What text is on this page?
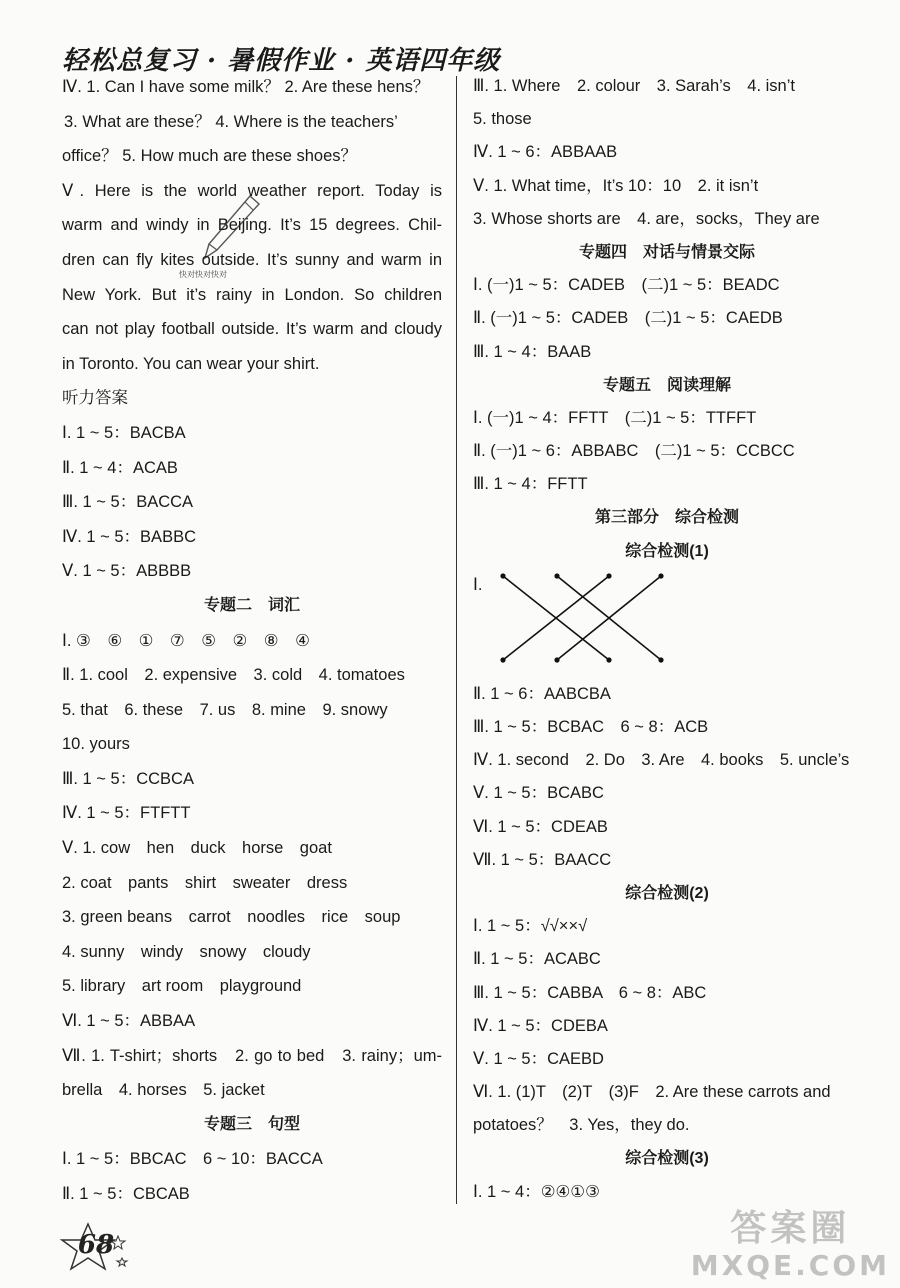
轻松总复习 · 暑假作业 · 英语四年级
快对快对快对
Ⅳ. 1. Can I have some milk？ 2. Are these hens？
3. What are these？ 4. Where is the teachers’
office？ 5. How much are these shoes？
Ⅴ. Here is the world weather report. Today is
warm and windy in Beijing. It’s 15 degrees. Chil-
dren can fly kites outside. It’s sunny and warm in
New York. But it’s rainy in London. So children
can not play football outside. It’s warm and cloudy
in Toronto. You can wear your shirt.
听力答案
Ⅰ. 1 ~ 5：BACBA
Ⅱ. 1 ~ 4：ACAB
Ⅲ. 1 ~ 5：BACCA
Ⅳ. 1 ~ 5：BABBC
Ⅴ. 1 ~ 5：ABBBB
专题二　词汇
Ⅰ. ③　⑥　①　⑦　⑤　②　⑧　④
Ⅱ. 1. cool　2. expensive　3. cold　4. tomatoes
5. that　6. these　7. us　8. mine　9. snowy
10. yours
Ⅲ. 1 ~ 5：CCBCA
Ⅳ. 1 ~ 5：FTFTT
Ⅴ. 1. cow　hen　duck　horse　goat
2. coat　pants　shirt　sweater　dress
3. green beans　carrot　noodles　rice　soup
4. sunny　windy　snowy　cloudy
5. library　art room　playground
Ⅵ. 1 ~ 5：ABBAA
Ⅶ. 1. T-shirt；shorts　2. go to bed　3. rainy；um-
brella　4. horses　5. jacket
专题三　句型
Ⅰ. 1 ~ 5：BBCAC　6 ~ 10：BACCA
Ⅱ. 1 ~ 5：CBCAB
Ⅲ. 1. Where　2. colour　3. Sarah’s　4. isn’t
5. those
Ⅳ. 1 ~ 6：ABBAAB
Ⅴ. 1. What time，It’s 10：10　2. it isn’t
3. Whose shorts are　4. are，socks，They are
专题四　对话与情景交际
Ⅰ. (一)1 ~ 5：CADEB　(二)1 ~ 5：BEADC
Ⅱ. (一)1 ~ 5：CADEB　(二)1 ~ 5：CAEDB
Ⅲ. 1 ~ 4：BAAB
专题五　阅读理解
Ⅰ. (一)1 ~ 4：FFTT　(二)1 ~ 5：TTFFT
Ⅱ. (一)1 ~ 6：ABBABC　(二)1 ~ 5：CCBCC
Ⅲ. 1 ~ 4：FFTT
第三部分　综合检测
综合检测(1)
Ⅰ.
Ⅱ. 1 ~ 6：AABCBA
Ⅲ. 1 ~ 5：BCBAC　6 ~ 8：ACB
Ⅳ. 1. second　2. Do　3. Are　4. books　5. uncle’s
Ⅴ. 1 ~ 5：BCABC
Ⅵ. 1 ~ 5：CDEAB
Ⅶ. 1 ~ 5：BAACC
综合检测(2)
Ⅰ. 1 ~ 5：√√××√
Ⅱ. 1 ~ 5：ACABC
Ⅲ. 1 ~ 5：CABBA　6 ~ 8：ABC
Ⅳ. 1 ~ 5：CDEBA
Ⅴ. 1 ~ 5：CAEBD
Ⅵ. 1. (1)T　(2)T　(3)F　2. Are these carrots and
potatoes？　3. Yes，they do.
综合检测(3)
Ⅰ. 1 ~ 4：②④①③
68	答案圈
MXQE.COM
